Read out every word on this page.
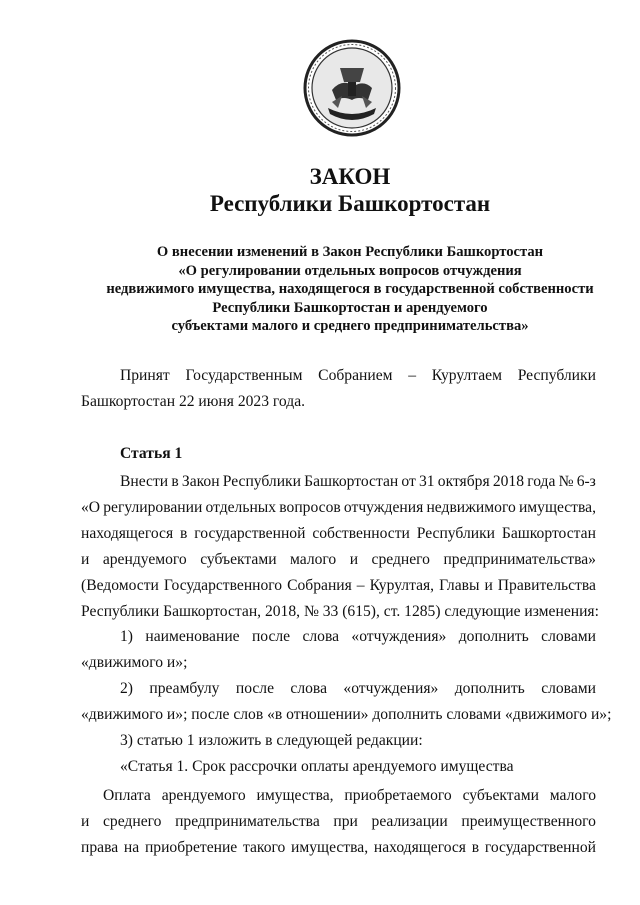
ЗАКОН
Республики Башкортостан
О внесении изменений в Закон Республики Башкортостан
«О регулировании отдельных вопросов отчуждения
недвижимого имущества, находящегося в государственной собственности
Республики Башкортостан и арендуемого
субъектами малого и среднего предпринимательства»
Принят Государственным Собранием – Курултаем Республики
Башкортостан 22 июня 2023 года.
Статья 1
Внести в Закон Республики Башкортостан от 31 октября 2018 года № 6-з
«О регулировании отдельных вопросов отчуждения недвижимого имущества,
находящегося в государственной собственности Республики Башкортостан
и арендуемого субъектами малого и среднего предпринимательства»
(Ведомости Государственного Собрания – Курултая, Главы и Правительства
Республики Башкортостан, 2018, № 33 (615), ст. 1285) следующие изменения:
1) наименование после слова «отчуждения» дополнить словами
«движимого и»;
2) преамбулу после слова «отчуждения» дополнить словами
«движимого и»; после слов «в отношении» дополнить словами «движимого и»;
3) статью 1 изложить в следующей редакции:
«Статья 1. Срок рассрочки оплаты арендуемого имущества
Оплата арендуемого имущества, приобретаемого субъектами малого
и среднего предпринимательства при реализации преимущественного
права на приобретение такого имущества, находящегося в государственной
